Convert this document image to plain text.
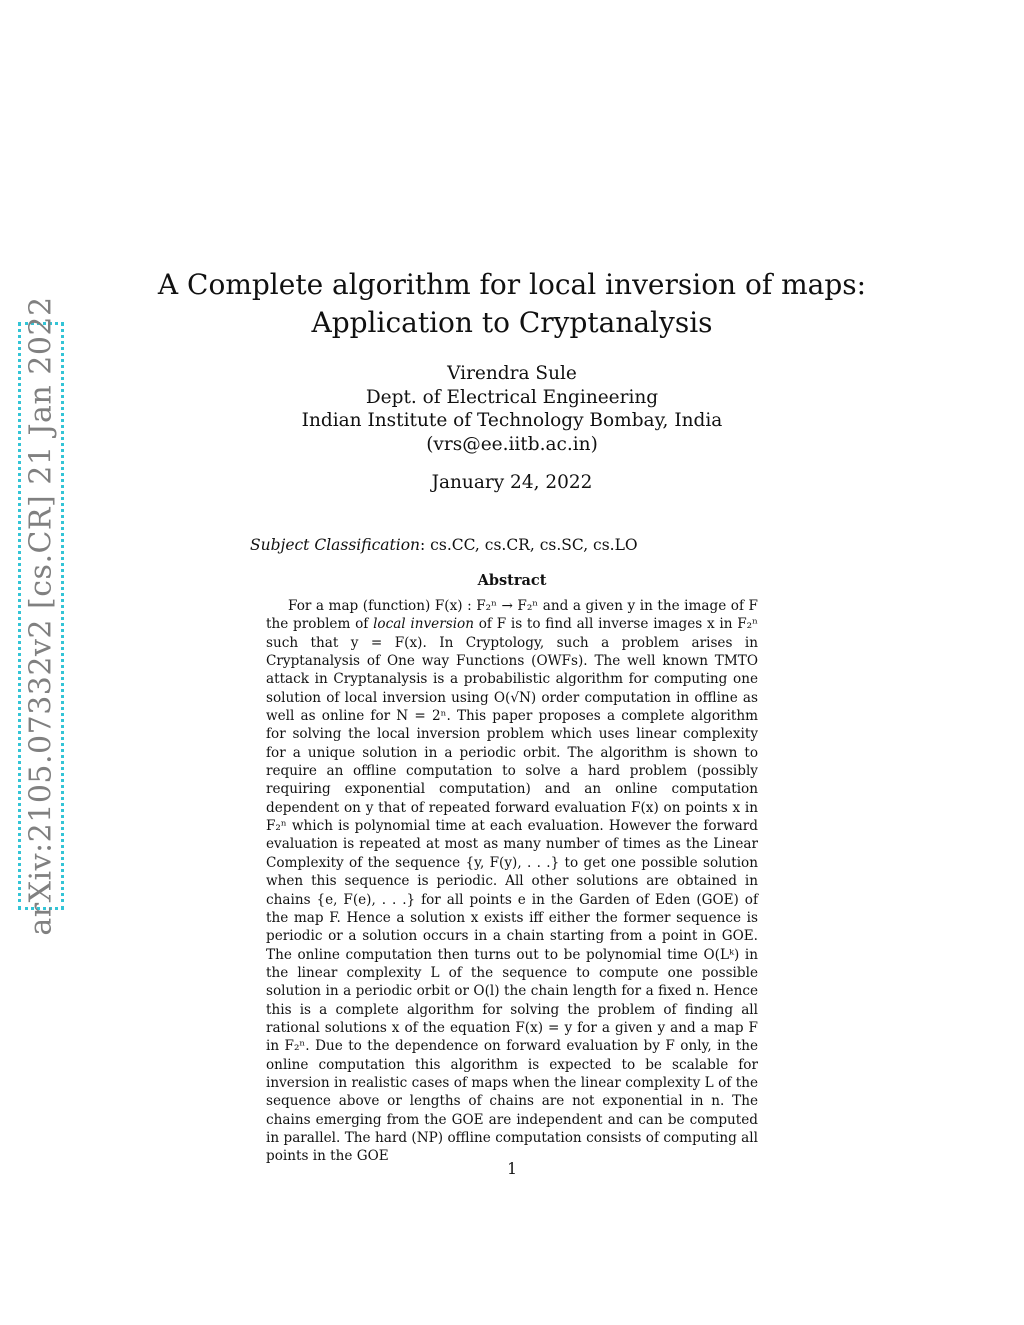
arXiv:2105.07332v2 [cs.CR] 21 Jan 2022
A Complete algorithm for local inversion of maps:
Application to Cryptanalysis
Virendra Sule
Dept. of Electrical Engineering
Indian Institute of Technology Bombay, India
(vrs@ee.iitb.ac.in)
January 24, 2022
Subject Classification: cs.CC, cs.CR, cs.SC, cs.LO
Abstract

For a map (function) F(x) : F₂ⁿ → F₂ⁿ and a given y in the image of F the problem of local inversion of F is to find all inverse images x in F₂ⁿ such that y = F(x). In Cryptology, such a problem arises in Cryptanalysis of One way Functions (OWFs). The well known TMTO attack in Cryptanalysis is a probabilistic algorithm for computing one solution of local inversion using O(√N) order computation in offline as well as online for N = 2ⁿ. This paper proposes a complete algorithm for solving the local inversion problem which uses linear complexity for a unique solution in a periodic orbit. The algorithm is shown to require an offline computation to solve a hard problem (possibly requiring exponential computation) and an online computation dependent on y that of repeated forward evaluation F(x) on points x in F₂ⁿ which is polynomial time at each evaluation. However the forward evaluation is repeated at most as many number of times as the Linear Complexity of the sequence {y, F(y), . . .} to get one possible solution when this sequence is periodic. All other solutions are obtained in chains {e, F(e), . . .} for all points e in the Garden of Eden (GOE) of the map F. Hence a solution x exists iff either the former sequence is periodic or a solution occurs in a chain starting from a point in GOE. The online computation then turns out to be polynomial time O(Lᵏ) in the linear complexity L of the sequence to compute one possible solution in a periodic orbit or O(l) the chain length for a fixed n. Hence this is a complete algorithm for solving the problem of finding all rational solutions x of the equation F(x) = y for a given y and a map F in F₂ⁿ. Due to the dependence on forward evaluation by F only, in the online computation this algorithm is expected to be scalable for inversion in realistic cases of maps when the linear complexity L of the sequence above or lengths of chains are not exponential in n. The chains emerging from the GOE are independent and can be computed in parallel. The hard (NP) offline computation consists of computing all points in the GOE

1
